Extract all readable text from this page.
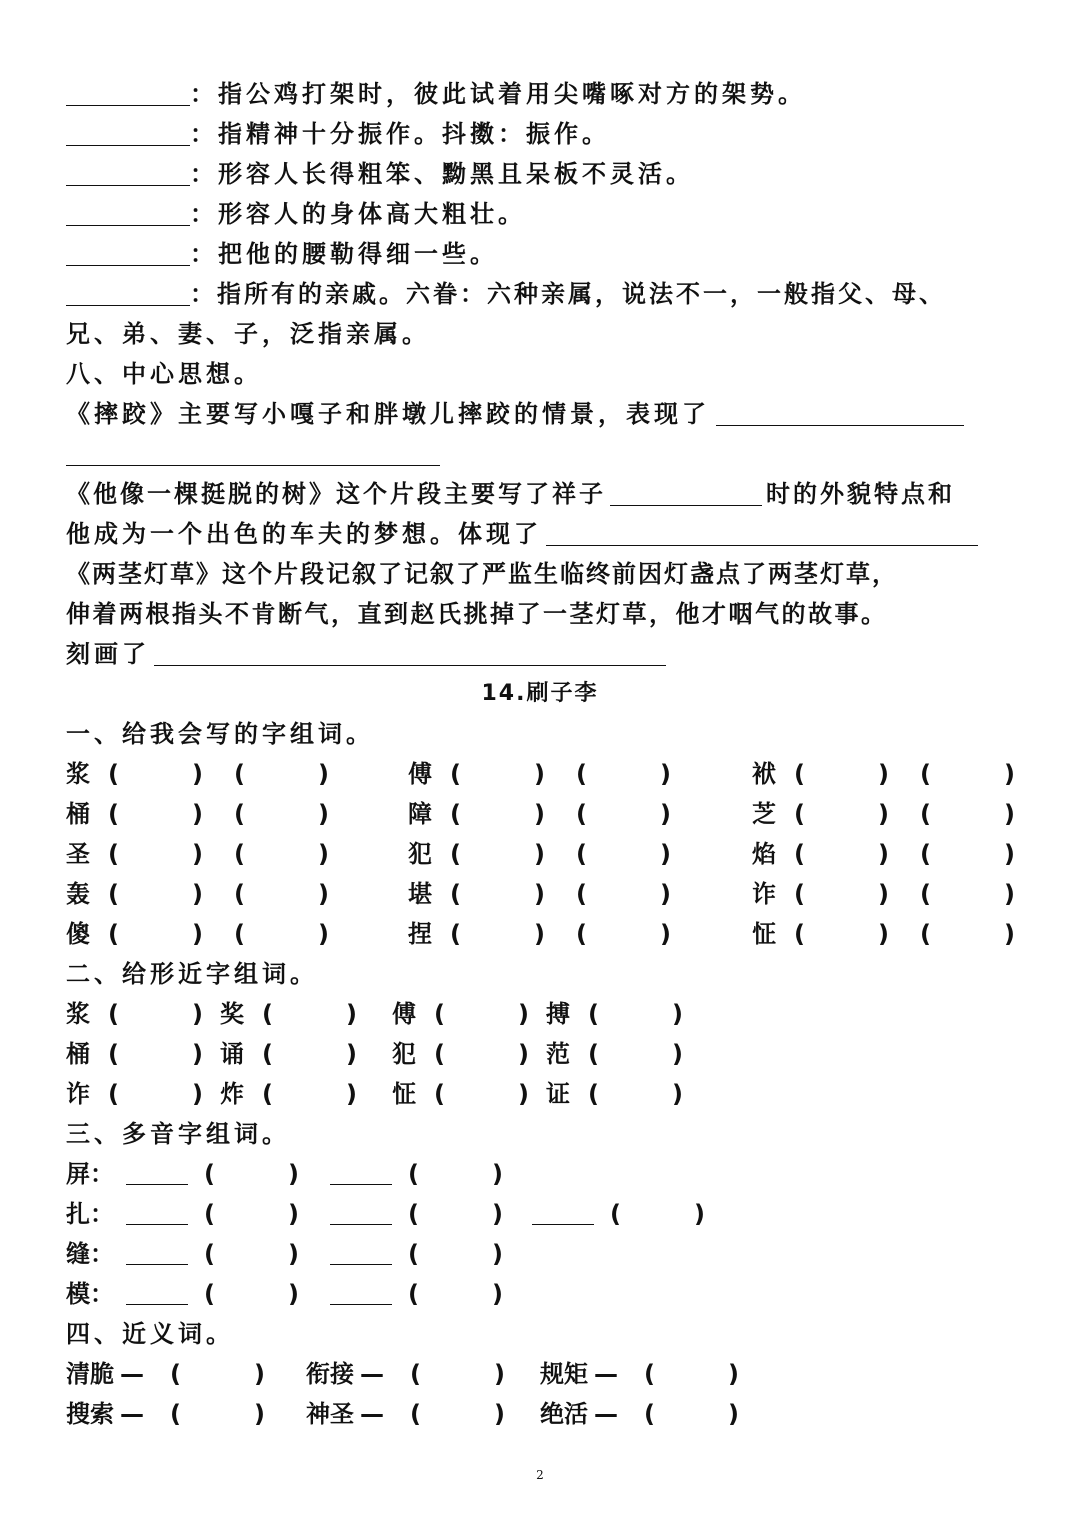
：指公鸡打架时，彼此试着用尖嘴啄对方的架势。
：指精神十分振作。抖擞：振作。
：形容人长得粗笨、黝黑且呆板不灵活。
：形容人的身体高大粗壮。
：把他的腰勒得细一些。
：指所有的亲戚。六眷：六种亲属，说法不一，一般指父、母、
兄、弟、妻、子，泛指亲属。
八、中心思想。
《摔跤》主要写小嘎子和胖墩儿摔跤的情景，表现了
《他像一棵挺脱的树》这个片段主要写了祥子	时的外貌特点和
他成为一个出色的车夫的梦想。体现了
《两茎灯草》这个片段记叙了记叙了严监生临终前因灯盏点了两茎灯草，
伸着两根指头不肯断气，直到赵氏挑掉了一茎灯草，他才咽气的故事。
刻画了
14.刷子李
一、给我会写的字组词。
浆 (	) (	)	傅 (	) (	)	袱 (	) (	)
桶 (	) (	)	障 (	) (	)	芝 (	) (	)
圣 (	) (	)	犯 (	) (	)	焰 (	) (	)
轰 (	) (	)	堪 (	) (	)	诈 (	) (	)
傻 (	) (	)	捏 (	) (	)	怔 (	) (	)
二、给形近字组词。
浆 (	) 奖 (	) 傅 (	) 搏 (	)
桶 (	) 诵 (	) 犯 (	) 范 (	)
诈 (	) 炸 (	) 怔 (	) 证 (	)
三、多音字组词。
屏：	(	)	(	)
扎：	(	)	(	)	(	)
缝：	(	)	(	)
模：	(	)	(	)
四、近义词。
清脆 — (	) 衔接 — (	) 规矩 — (	)
搜索 — (	) 神圣 — (	) 绝活 — (	)
2
